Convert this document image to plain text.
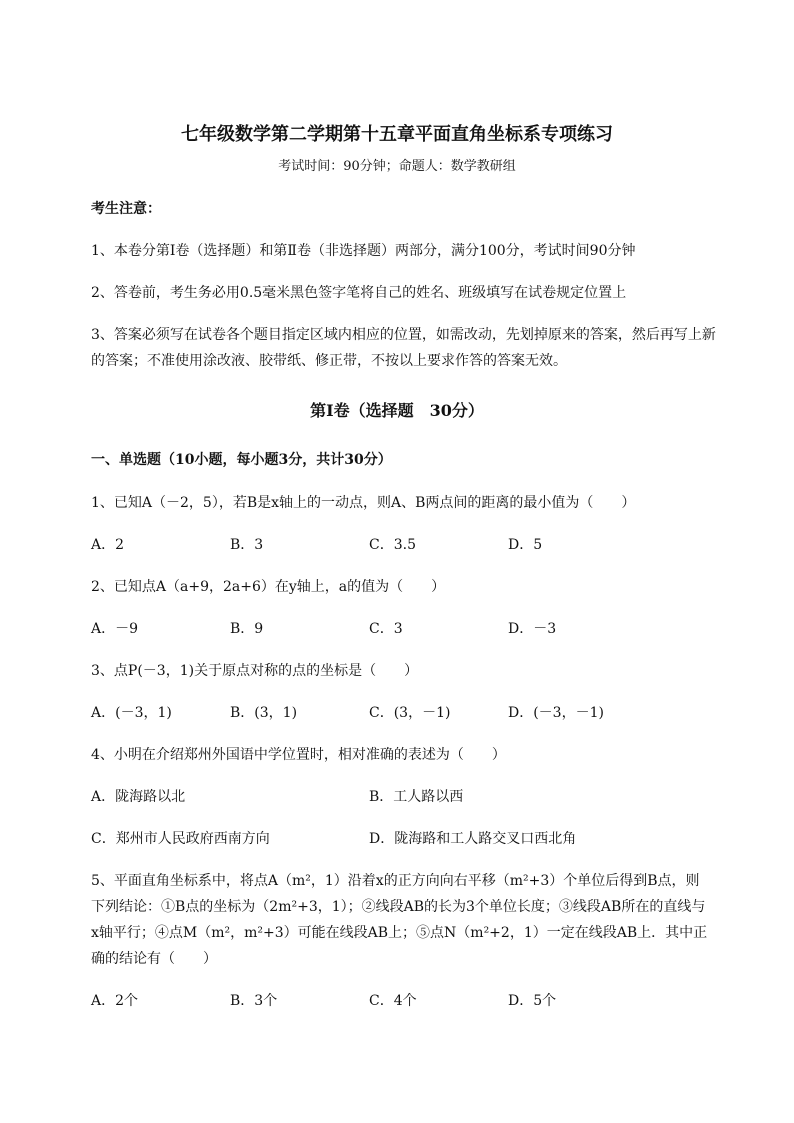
七年级数学第二学期第十五章平面直角坐标系专项练习
考试时间：90分钟；命题人：数学教研组
考生注意：
1、本卷分第I卷（选择题）和第Ⅱ卷（非选择题）两部分，满分100分，考试时间90分钟
2、答卷前，考生务必用0.5毫米黑色签字笔将自己的姓名、班级填写在试卷规定位置上
3、答案必须写在试卷各个题目指定区域内相应的位置，如需改动，先划掉原来的答案，然后再写上新
的答案；不准使用涂改液、胶带纸、修正带，不按以上要求作答的答案无效。
第I卷（选择题　30分）
一、单选题（10小题，每小题3分，共计30分）
1、已知A（－2，5），若B是x轴上的一动点，则A、B两点间的距离的最小值为（　　）
A．2	B．3	C．3.5	D．5
2、已知点A（a+9，2a+6）在y轴上，a的值为（　　）
A．－9	B．9	C．3	D．－3
3、点P(－3，1)关于原点对称的点的坐标是（　　）
A．(－3，1)	B．(3，1)	C．(3，－1)	D．(－3，－1)
4、小明在介绍郑州外国语中学位置时，相对准确的表述为（　　）
A．陇海路以北	B．工人路以西
C．郑州市人民政府西南方向	D．陇海路和工人路交叉口西北角
5、平面直角坐标系中，将点A（m²，1）沿着x的正方向向右平移（m²+3）个单位后得到B点，则
下列结论：①B点的坐标为（2m²+3，1）；②线段AB的长为3个单位长度；③线段AB所在的直线与
x轴平行；④点M（m²，m²+3）可能在线段AB上；⑤点N（m²+2，1）一定在线段AB上．其中正
确的结论有（　　）
A．2个	B．3个	C．4个	D．5个
